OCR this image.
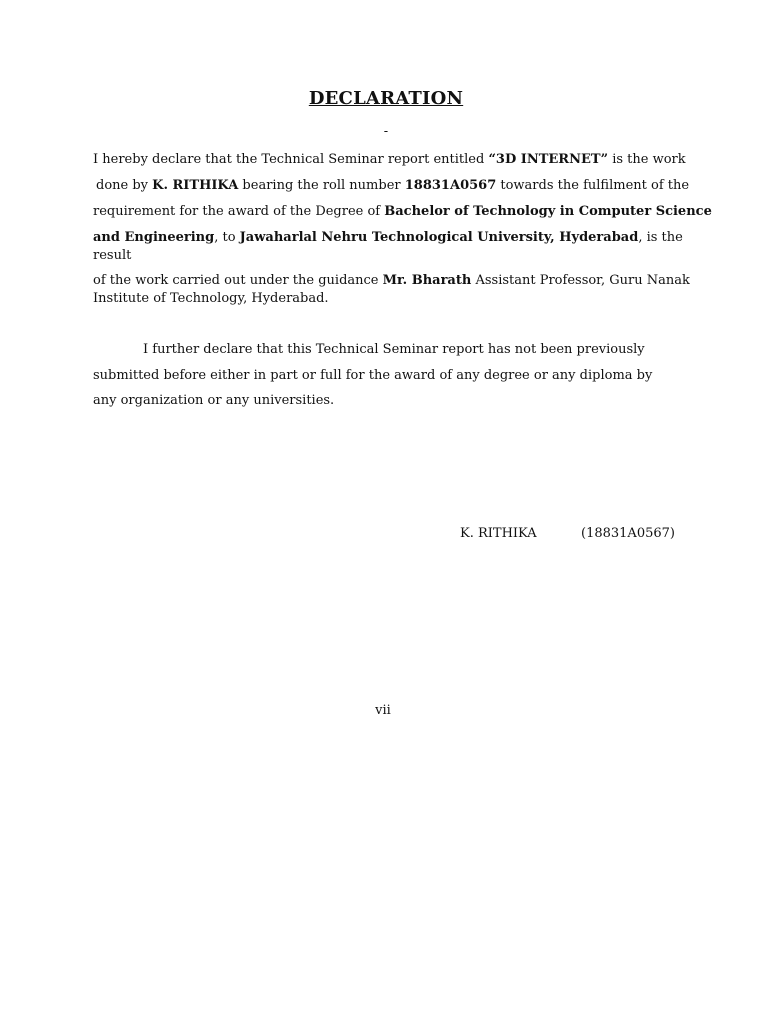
DECLARATION
-
I hereby declare that the Technical Seminar report entitled “3D INTERNET” is the work
done by K. RITHIKA bearing the roll number 18831A0567 towards the fulfilment of the
requirement for the award of the Degree of Bachelor of Technology in Computer Science
and Engineering, to Jawaharlal Nehru Technological University, Hyderabad, is the
result
of the work carried out under the guidance Mr. Bharath Assistant Professor, Guru Nanak
Institute of Technology, Hyderabad.
I further declare that this Technical Seminar report has not been previously
submitted before either in part or full for the award of any degree or any diploma by
any organization or any universities.
K. RITHIKA	(18831A0567)
vii
